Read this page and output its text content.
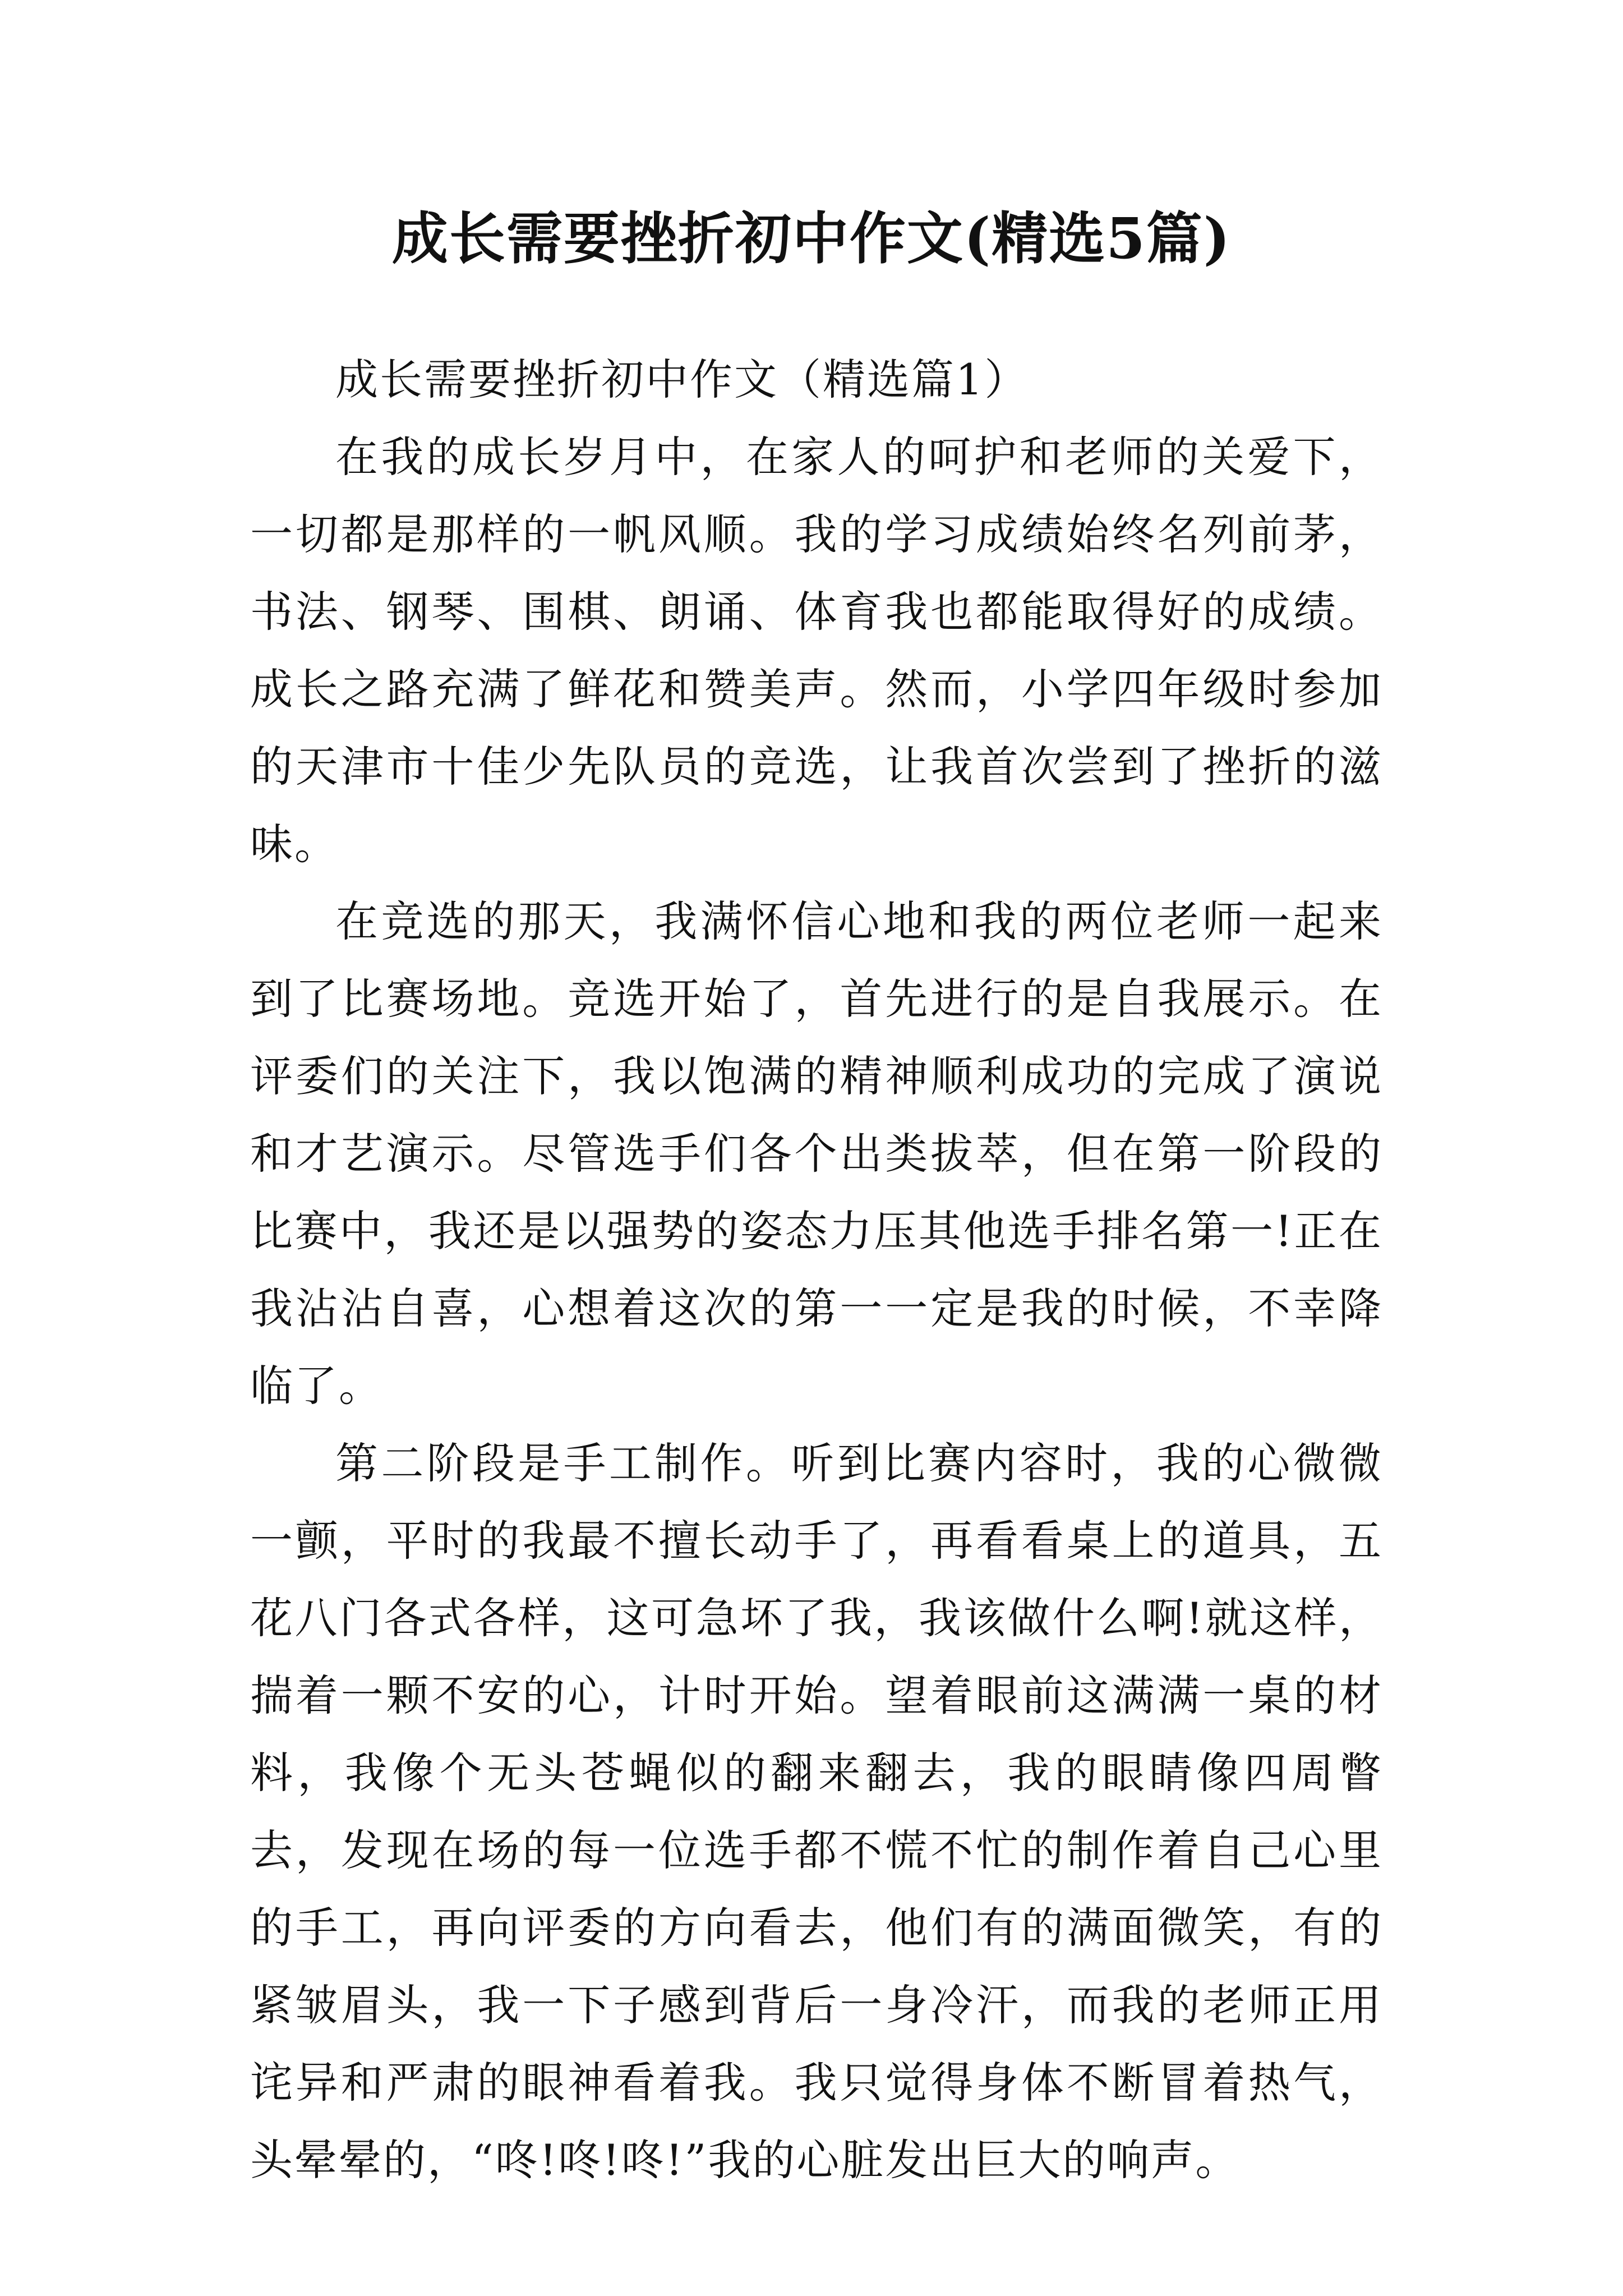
成长需要挫折初中作文(精选5篇)

成长需要挫折初中作文（精选篇1）

在我的成长岁月中，在家人的呵护和老师的关爱下，一切都是那样的一帆风顺。我的学习成绩始终名列前茅，书法、钢琴、围棋、朗诵、体育我也都能取得好的成绩。成长之路充满了鲜花和赞美声。然而，小学四年级时参加的天津市十佳少先队员的竞选，让我首次尝到了挫折的滋味。

在竞选的那天，我满怀信心地和我的两位老师一起来到了比赛场地。竞选开始了，首先进行的是自我展示。在评委们的关注下，我以饱满的精神顺利成功的完成了演说和才艺演示。尽管选手们各个出类拔萃，但在第一阶段的比赛中，我还是以强势的姿态力压其他选手排名第一!正在我沾沾自喜，心想着这次的第一一定是我的时候，不幸降临了。

第二阶段是手工制作。听到比赛内容时，我的心微微一颤，平时的我最不擅长动手了，再看看桌上的道具，五花八门各式各样，这可急坏了我，我该做什么啊!就这样，揣着一颗不安的心，计时开始。望着眼前这满满一桌的材料，我像个无头苍蝇似的翻来翻去，我的眼睛像四周瞥去，发现在场的每一位选手都不慌不忙的制作着自己心里的手工，再向评委的方向看去，他们有的满面微笑，有的紧皱眉头，我一下子感到背后一身冷汗，而我的老师正用诧异和严肃的眼神看着我。我只觉得身体不断冒着热气，头晕晕的，“咚!咚!咚!”我的心脏发出巨大的响声。
